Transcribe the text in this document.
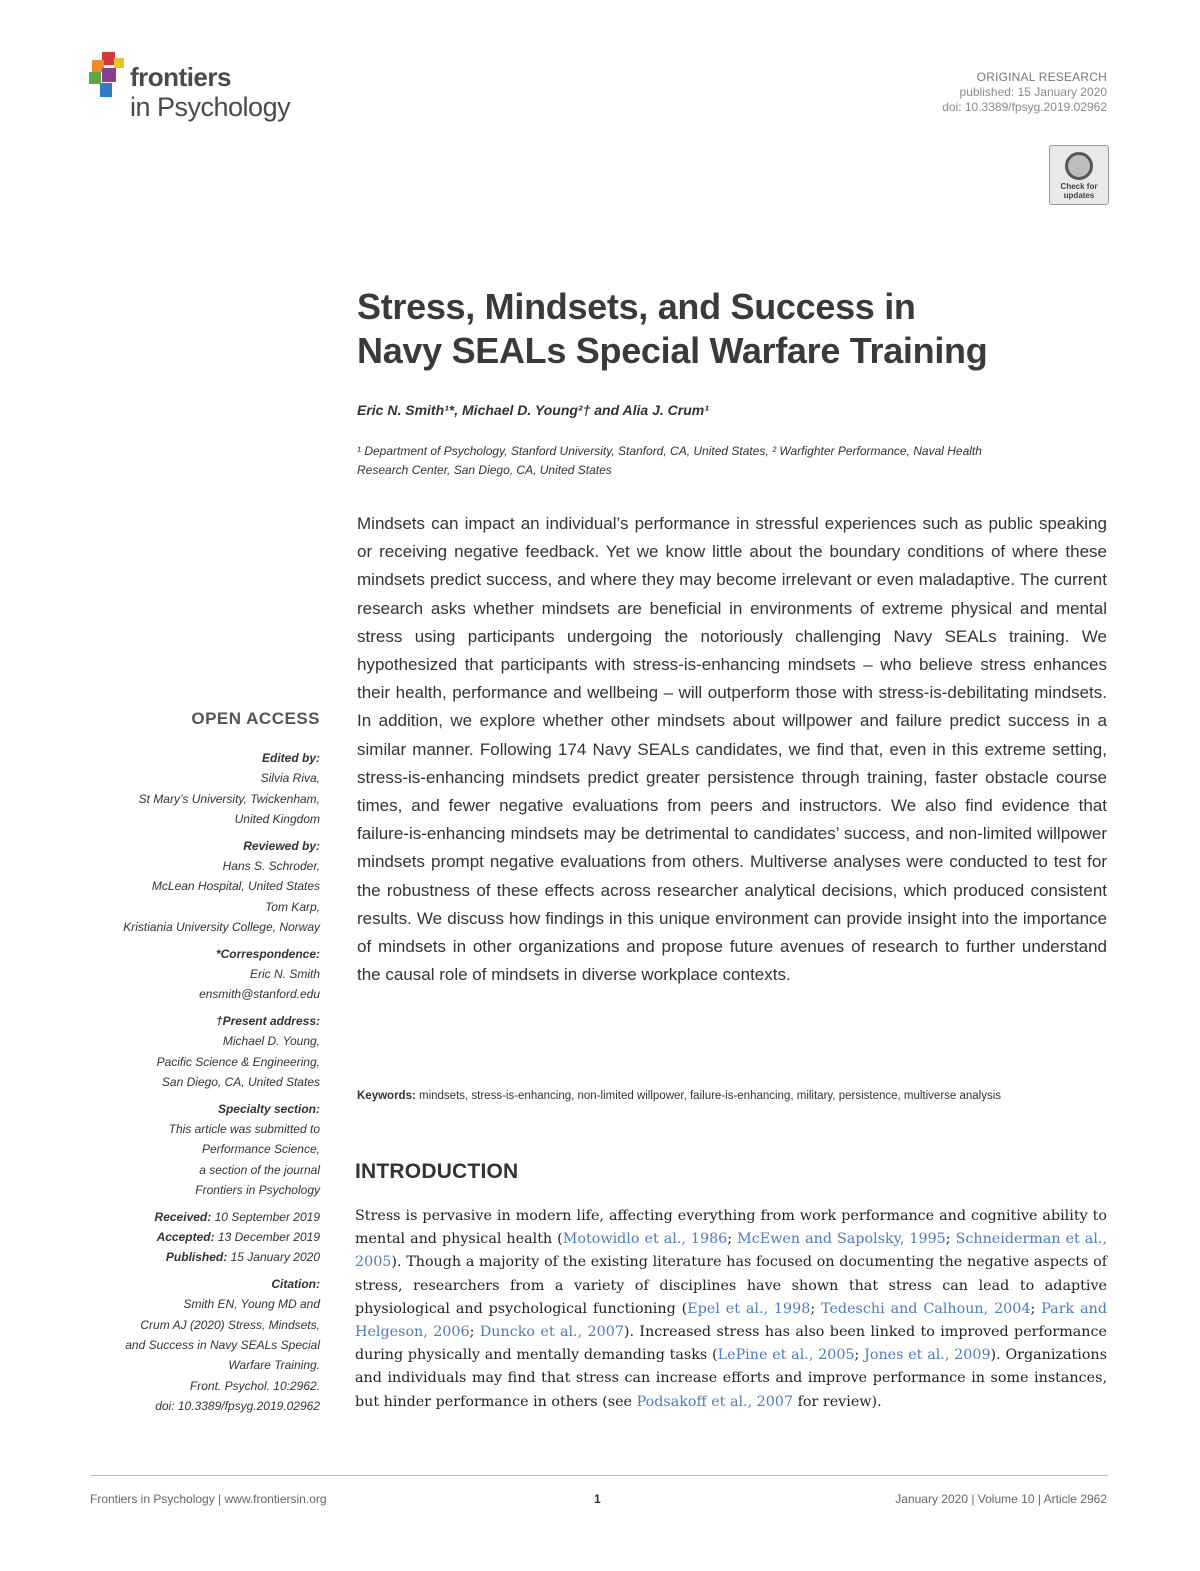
frontiers
in Psychology
ORIGINAL RESEARCH
published: 15 January 2020
doi: 10.3389/fpsyg.2019.02962
Check for
updates
Stress, Mindsets, and Success in
Navy SEALs Special Warfare Training
Eric N. Smith¹*, Michael D. Young²† and Alia J. Crum¹
¹ Department of Psychology, Stanford University, Stanford, CA, United States, ² Warfighter Performance, Naval Health
Research Center, San Diego, CA, United States
Mindsets can impact an individual’s performance in stressful experiences such as public speaking or receiving negative feedback. Yet we know little about the boundary conditions of where these mindsets predict success, and where they may become irrelevant or even maladaptive. The current research asks whether mindsets are beneficial in environments of extreme physical and mental stress using participants undergoing the notoriously challenging Navy SEALs training. We hypothesized that participants with stress-is-enhancing mindsets – who believe stress enhances their health, performance and wellbeing – will outperform those with stress-is-debilitating mindsets. In addition, we explore whether other mindsets about willpower and failure predict success in a similar manner. Following 174 Navy SEALs candidates, we find that, even in this extreme setting, stress-is-enhancing mindsets predict greater persistence through training, faster obstacle course times, and fewer negative evaluations from peers and instructors. We also find evidence that failure-is-enhancing mindsets may be detrimental to candidates’ success, and non-limited willpower mindsets prompt negative evaluations from others. Multiverse analyses were conducted to test for the robustness of these effects across researcher analytical decisions, which produced consistent results. We discuss how findings in this unique environment can provide insight into the importance of mindsets in other organizations and propose future avenues of research to further understand the causal role of mindsets in diverse workplace contexts.
Keywords: mindsets, stress-is-enhancing, non-limited willpower, failure-is-enhancing, military, persistence, multiverse analysis
INTRODUCTION
Stress is pervasive in modern life, affecting everything from work performance and cognitive ability to mental and physical health (Motowidlo et al., 1986; McEwen and Sapolsky, 1995; Schneiderman et al., 2005). Though a majority of the existing literature has focused on documenting the negative aspects of stress, researchers from a variety of disciplines have shown that stress can lead to adaptive physiological and psychological functioning (Epel et al., 1998; Tedeschi and Calhoun, 2004; Park and Helgeson, 2006; Duncko et al., 2007). Increased stress has also been linked to improved performance during physically and mentally demanding tasks (LePine et al., 2005; Jones et al., 2009). Organizations and individuals may find that stress can increase efforts and improve performance in some instances, but hinder performance in others (see Podsakoff et al., 2007 for review).
OPEN ACCESS
Edited by:
Silvia Riva,
St Mary’s University, Twickenham,
United Kingdom
Reviewed by:
Hans S. Schroder,
McLean Hospital, United States
Tom Karp,
Kristiania University College, Norway
*Correspondence:
Eric N. Smith
ensmith@stanford.edu
†Present address:
Michael D. Young,
Pacific Science & Engineering,
San Diego, CA, United States
Specialty section:
This article was submitted to
Performance Science,
a section of the journal
Frontiers in Psychology
Received: 10 September 2019
Accepted: 13 December 2019
Published: 15 January 2020
Citation:
Smith EN, Young MD and
Crum AJ (2020) Stress, Mindsets,
and Success in Navy SEALs Special
Warfare Training.
Front. Psychol. 10:2962.
doi: 10.3389/fpsyg.2019.02962
Frontiers in Psychology | www.frontiersin.org	1	January 2020 | Volume 10 | Article 2962
